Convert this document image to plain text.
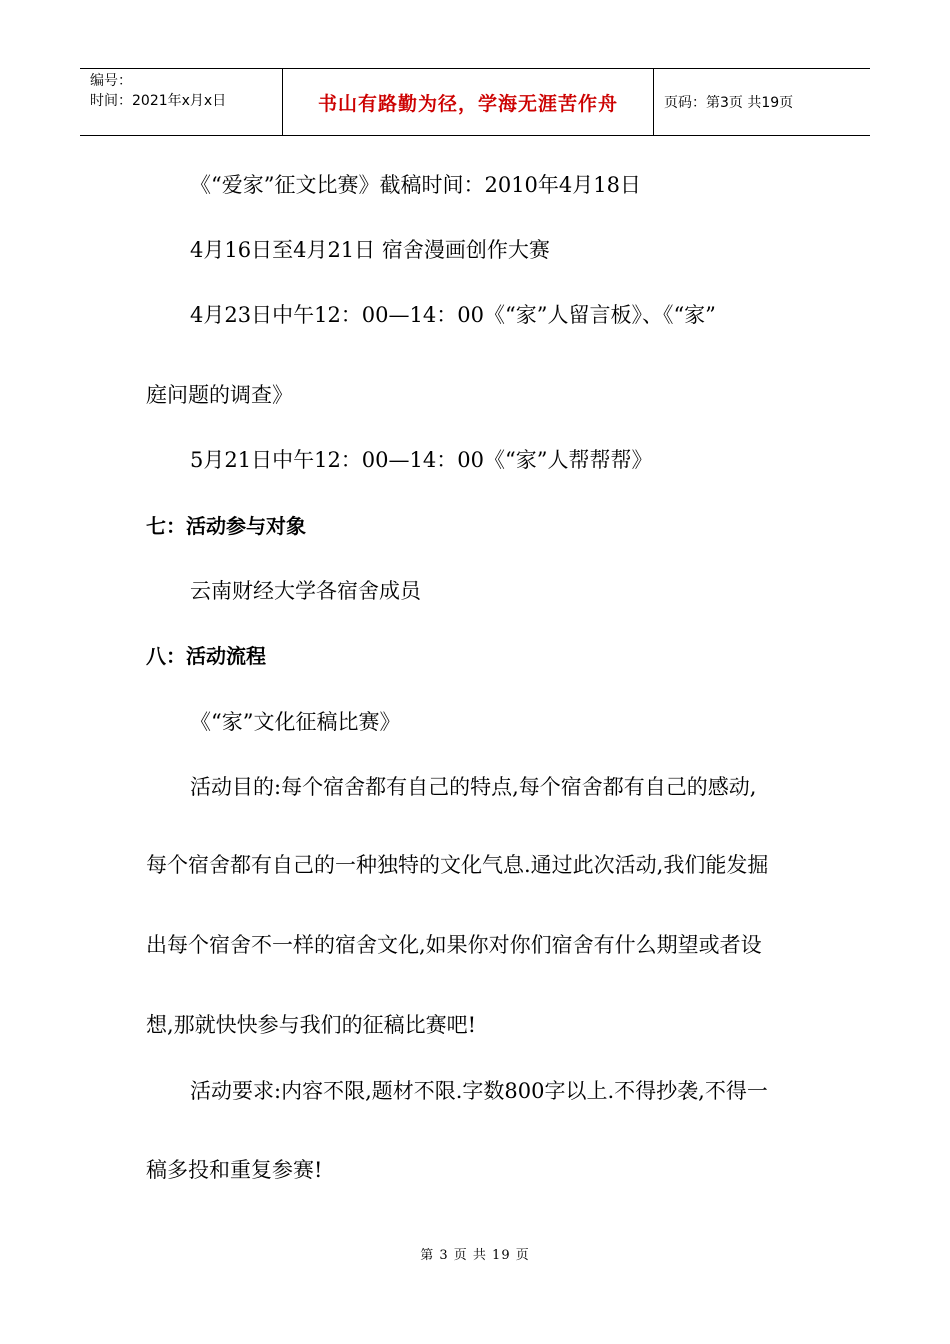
编号：
时间：2021年x月x日	书山有路勤为径，学海无涯苦作舟	页码：第3页 共19页
《“爱家”征文比赛》截稿时间：2010年4月18日
4月16日至4月21日 宿舍漫画创作大赛
4月23日中午12：00—14：00《“家”人留言板》、《“家”
庭问题的调查》
5月21日中午12：00—14：00《“家”人帮帮帮》
七：活动参与对象
云南财经大学各宿舍成员
八：活动流程
《“家”文化征稿比赛》
活动目的:每个宿舍都有自己的特点,每个宿舍都有自己的感动,
每个宿舍都有自己的一种独特的文化气息.通过此次活动,我们能发掘
出每个宿舍不一样的宿舍文化,如果你对你们宿舍有什么期望或者设
想,那就快快参与我们的征稿比赛吧!
活动要求:内容不限,题材不限.字数800字以上.不得抄袭,不得一
稿多投和重复参赛!
第 3 页 共 19 页
